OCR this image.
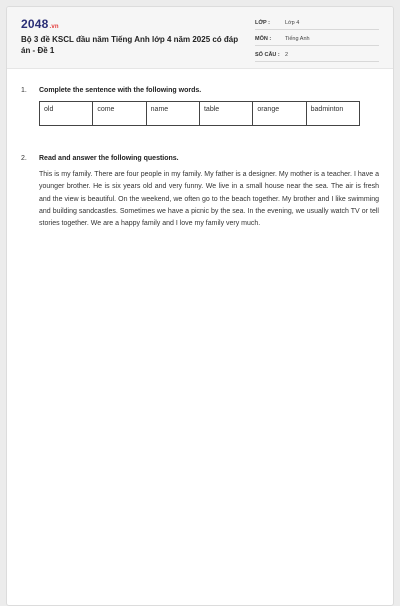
2048.vn
Bộ 3 đề KSCL đầu năm Tiếng Anh lớp 4 năm 2025 có đáp án - Đề 1
LỚP :	Lớp 4
MÔN :	Tiếng Anh
SỐ CÂU : 2
1. Complete the sentence with the following words.
old	come	name	table	orange	badminton
2. Read and answer the following questions.
This is my family. There are four people in my family. My father is a designer. My mother is a teacher. I have a younger brother. He is six years old and very funny. We live in a small house near the sea. The air is fresh and the view is beautiful. On the weekend, we often go to the beach together. My brother and I like swimming and building sandcastles. Sometimes we have a picnic by the sea. In the evening, we usually watch TV or tell stories together. We are a happy family and I love my family very much.
